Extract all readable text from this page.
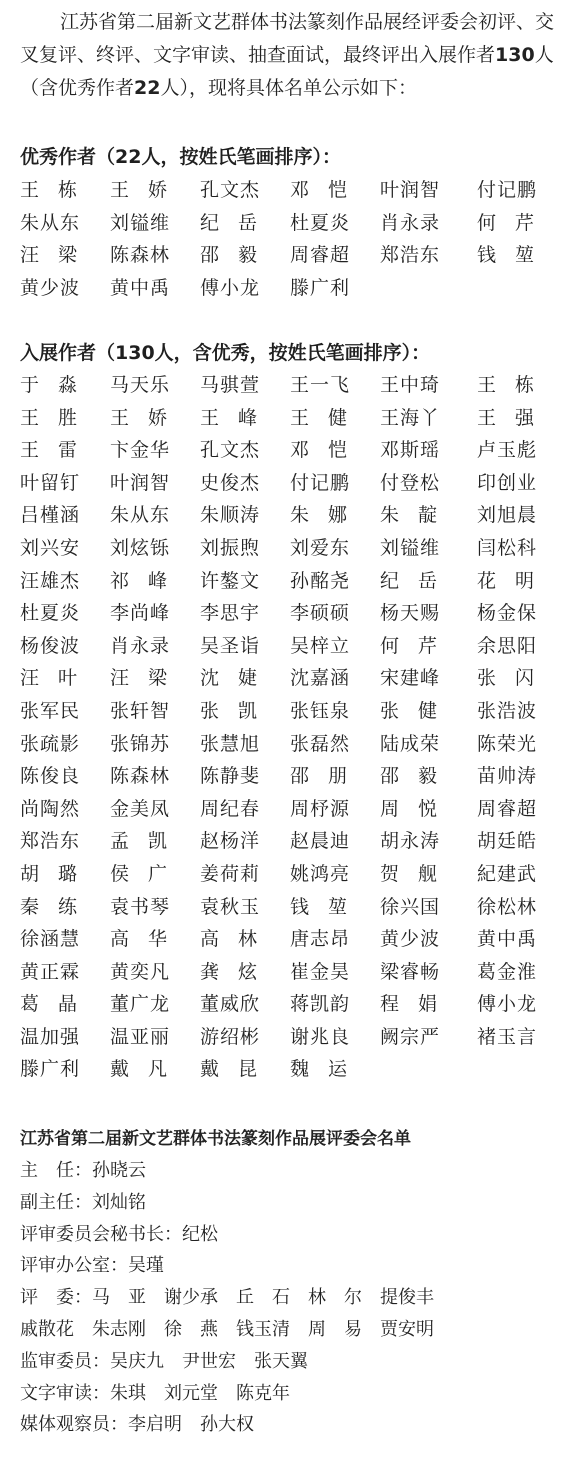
江苏省第二届新文艺群体书法篆刻作品展经评委会初评、交叉复评、终评、文字审读、抽查面试，最终评出入展作者130人（含优秀作者22人），现将具体名单公示如下：

优秀作者（22人，按姓氏笔画排序）：
王栋 王娇 孔文杰	邓恺 叶润智	付记鹏
朱从东	刘镒维	纪岳 杜夏炎	肖永录	何芹
汪梁 陈森林	邵毅 周睿超	郑浩东	钱堃
黄少波	黄中禹	傅小龙	滕广利
入展作者（130人，含优秀，按姓氏笔画排序）：
于淼 马天乐	马骐萱	王一飞	王中琦	王栋
王胜 王娇 王峰 王健 王海丫	王强
王雷 卞金华	孔文杰	邓恺 邓斯瑶	卢玉彪
叶留钉	叶润智	史俊杰	付记鹏	付登松	印创业
吕槿涵	朱从东	朱顺涛	朱娜 朱靛	刘旭晨
刘兴安	刘炫铄	刘振煦	刘爱东	刘镒维	闫松科
汪雄杰	祁峰 许鏊文	孙酩尧	纪岳	花明
杜夏炎	李尚峰	李思宇	李硕硕	杨天赐	杨金保
杨俊波	肖永录	吴圣诣	吴梓立	何芹	余思阳
汪叶 汪梁 沈婕 沈嘉涵	宋建峰	张闪
张军民	张轩智	张凯 张钰泉	张健	张浩波
张疏影	张锦苏	张慧旭	张磊然	陆成荣	陈荣光
陈俊良	陈森林	陈静斐	邵朋 邵毅	苗帅涛
尚陶然	金美凤	周纪春	周杼源	周悦	周睿超
郑浩东	孟凯 赵杨洋	赵晨迪	胡永涛	胡廷皓
胡璐 侯广 姜荷莉	姚鸿亮	贺舰	紀建武
秦练 袁书琴	袁秋玉	钱堃 徐兴国	徐松林
徐涵慧	高华 高林 唐志昂	黄少波	黄中禹
黄正霖	黄奕凡	龚炫 崔金昊	梁睿畅	葛金淮
葛晶 董广龙	董威欣	蒋凯韵	程娟	傅小龙
温加强	温亚丽	游绍彬	谢兆良	阙宗严	褚玉言
滕广利	戴凡 戴昆 魏运
江苏省第二届新文艺群体书法篆刻作品展评委会名单
主　任：孙晓云
副主任：刘灿铭
评审委员会秘书长：纪松
评审办公室：吴瑾
评　委：马　亚　谢少承　丘　石　林　尔　提俊丰
戚散花　朱志刚　徐　燕　钱玉清　周　易　贾安明
监审委员：吴庆九　尹世宏　张天翼
文字审读：朱琪　刘元堂　陈克年
媒体观察员：李启明　孙大权
